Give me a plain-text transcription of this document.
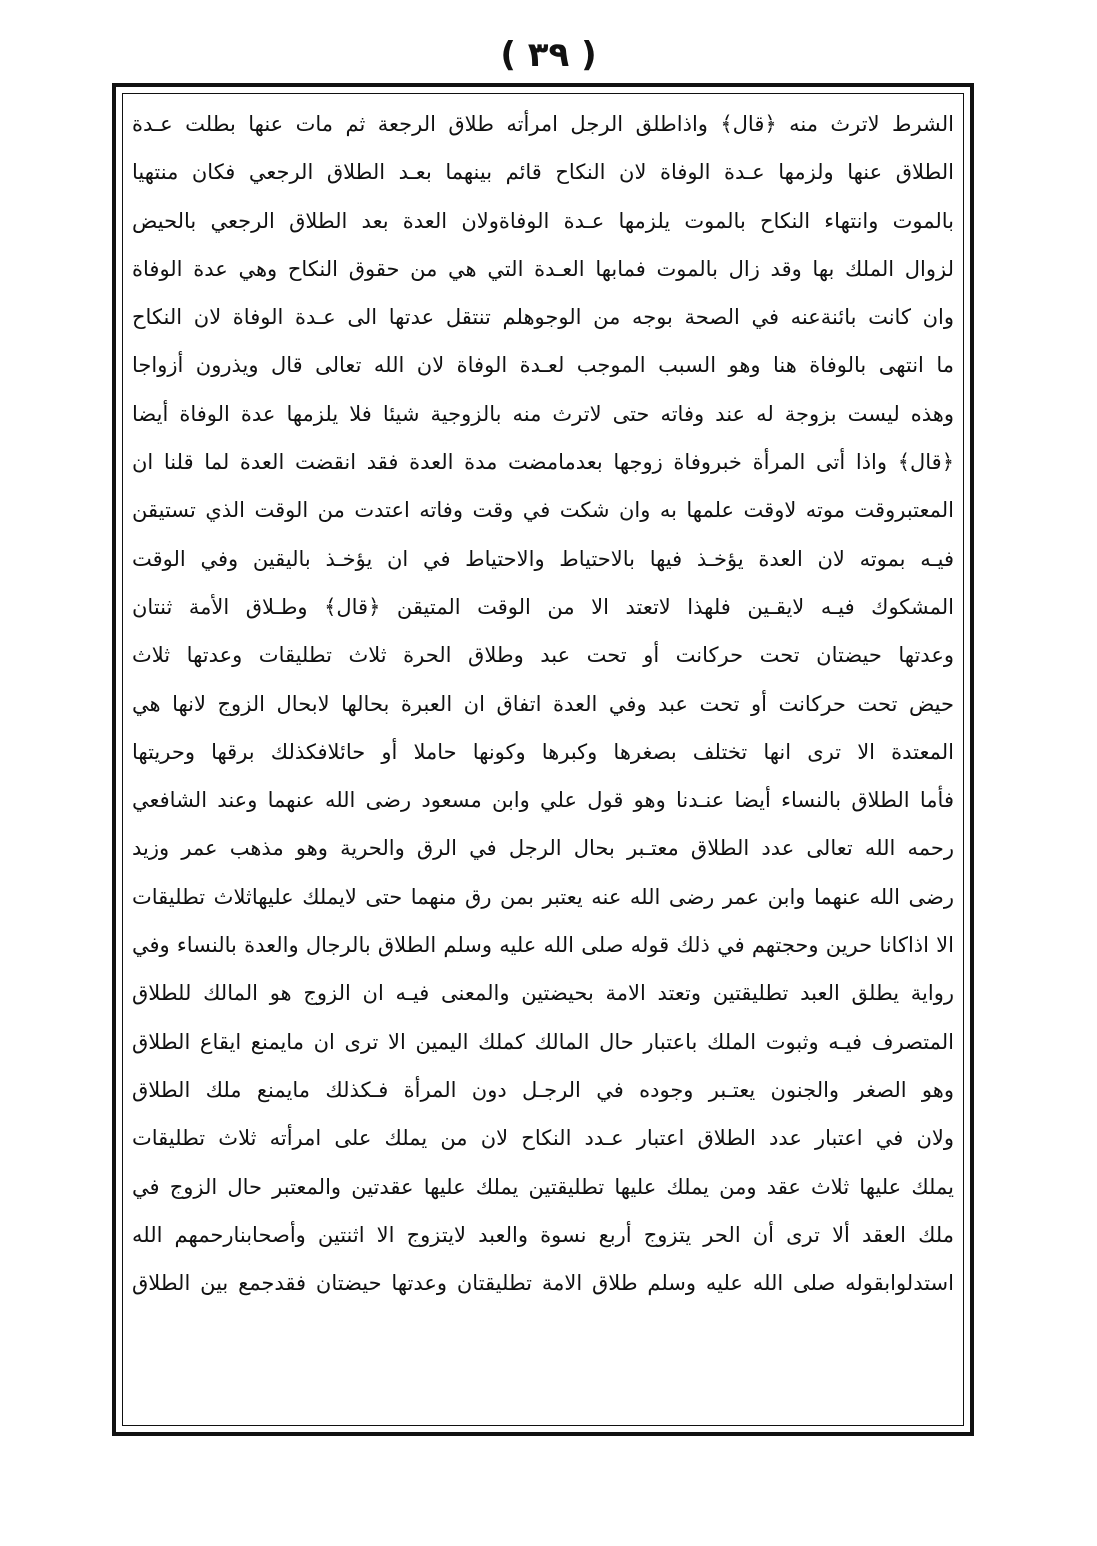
( ٣٩ )
الشرط لاترث منه ﴿قال﴾ واذاطلق الرجل امرأته طلاق الرجعة ثم مات عنها بطلت عـدة
الطلاق عنها ولزمها عـدة الوفاة لان النكاح قائم بينهما بعـد الطلاق الرجعي فكان منتهيا
بالموت وانتهاء النكاح بالموت يلزمها عـدة الوفاةولان العدة بعد الطلاق الرجعي بالحيض
لزوال الملك بها وقد زال بالموت فمابها العـدة التي هي من حقوق النكاح وهي عدة الوفاة
وان كانت بائنةعنه في الصحة بوجه من الوجوهلم تنتقل عدتها الى عـدة الوفاة لان النكاح
ما انتهى بالوفاة هنا وهو السبب الموجب لعـدة الوفاة لان الله تعالى قال ويذرون أزواجا
وهذه ليست بزوجة له عند وفاته حتى لاترث منه بالزوجية شيئا فلا يلزمها عدة الوفاة أيضا
﴿قال﴾ واذا أتى المرأة خبروفاة زوجها بعدمامضت مدة العدة فقد انقضت العدة لما قلنا ان
المعتبروقت موته لاوقت علمها به وان شكت في وقت وفاته اعتدت من الوقت الذي تستيقن
فيـه بموته لان العدة يؤخـذ فيها بالاحتياط والاحتياط في ان يؤخـذ باليقين وفي الوقت
المشكوك فيـه لايقـين فلهذا لاتعتد الا من الوقت المتيقن ﴿قال﴾ وطـلاق الأمة ثنتان
وعدتها حيضتان تحت حركانت أو تحت عبد وطلاق الحرة ثلاث تطليقات وعدتها ثلاث
حيض تحت حركانت أو تحت عبد وفي العدة اتفاق ان العبرة بحالها لابحال الزوج لانها هي
المعتدة الا ترى انها تختلف بصغرها وكبرها وكونها حاملا أو حائلافكذلك برقها وحريتها
فأما الطلاق بالنساء أيضا عنـدنا وهو قول علي وابن مسعود رضى الله عنهما وعند الشافعي
رحمه الله تعالى عدد الطلاق معتـبر بحال الرجل في الرق والحرية وهو مذهب عمر وزيد
رضى الله عنهما وابن عمر رضى الله عنه يعتبر بمن رق منهما حتى لايملك عليهاثلاث تطليقات
الا اذاكانا حرين وحجتهم في ذلك قوله صلى الله عليه وسلم الطلاق بالرجال والعدة بالنساء وفي
رواية يطلق العبد تطليقتين وتعتد الامة بحيضتين والمعنى فيـه ان الزوج هو المالك للطلاق
المتصرف فيـه وثبوت الملك باعتبار حال المالك كملك اليمين الا ترى ان مايمنع ايقاع الطلاق
وهو الصغر والجنون يعتـبر وجوده في الرجـل دون المرأة فـكذلك مايمنع ملك الطلاق
ولان في اعتبار عدد الطلاق اعتبار عـدد النكاح لان من يملك على امرأته ثلاث تطليقات
يملك عليها ثلاث عقد ومن يملك عليها تطليقتين يملك عليها عقدتين والمعتبر حال الزوج في
ملك العقد ألا ترى أن الحر يتزوج أربع نسوة والعبد لايتزوج الا اثنتين وأصحابنارحمهم الله
استدلوابقوله صلى الله عليه وسلم طلاق الامة تطليقتان وعدتها حيضتان فقدجمع بين الطلاق
